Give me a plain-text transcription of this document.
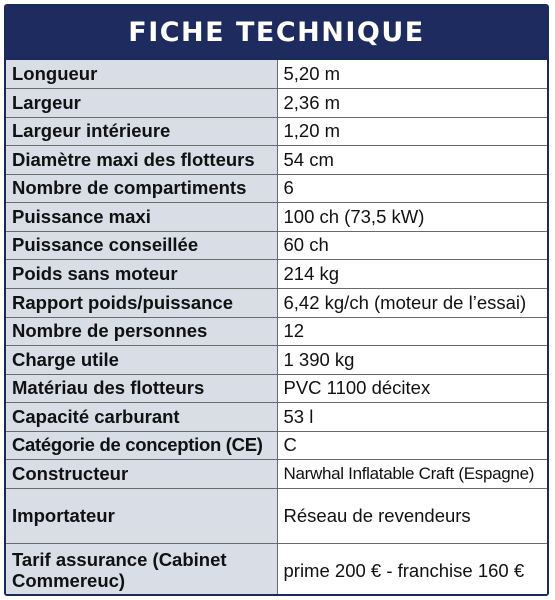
FICHE TECHNIQUE
Longueur	5,20 m
Largeur	2,36 m
Largeur intérieure	1,20 m
Diamètre maxi des flotteurs	54 cm
Nombre de compartiments	6
Puissance maxi	100 ch (73,5 kW)
Puissance conseillée	60 ch
Poids sans moteur	214 kg
Rapport poids/puissance	6,42 kg/ch (moteur de l’essai)
Nombre de personnes	12
Charge utile	1 390 kg
Matériau des flotteurs	PVC 1100 décitex
Capacité carburant	53 l
Catégorie de conception (CE)	C
Constructeur	Narwhal Inflatable Craft (Espagne)
Importateur	Réseau de revendeurs
Tarif assurance (Cabinet Commereuc)	prime 200 € - franchise 160 €
